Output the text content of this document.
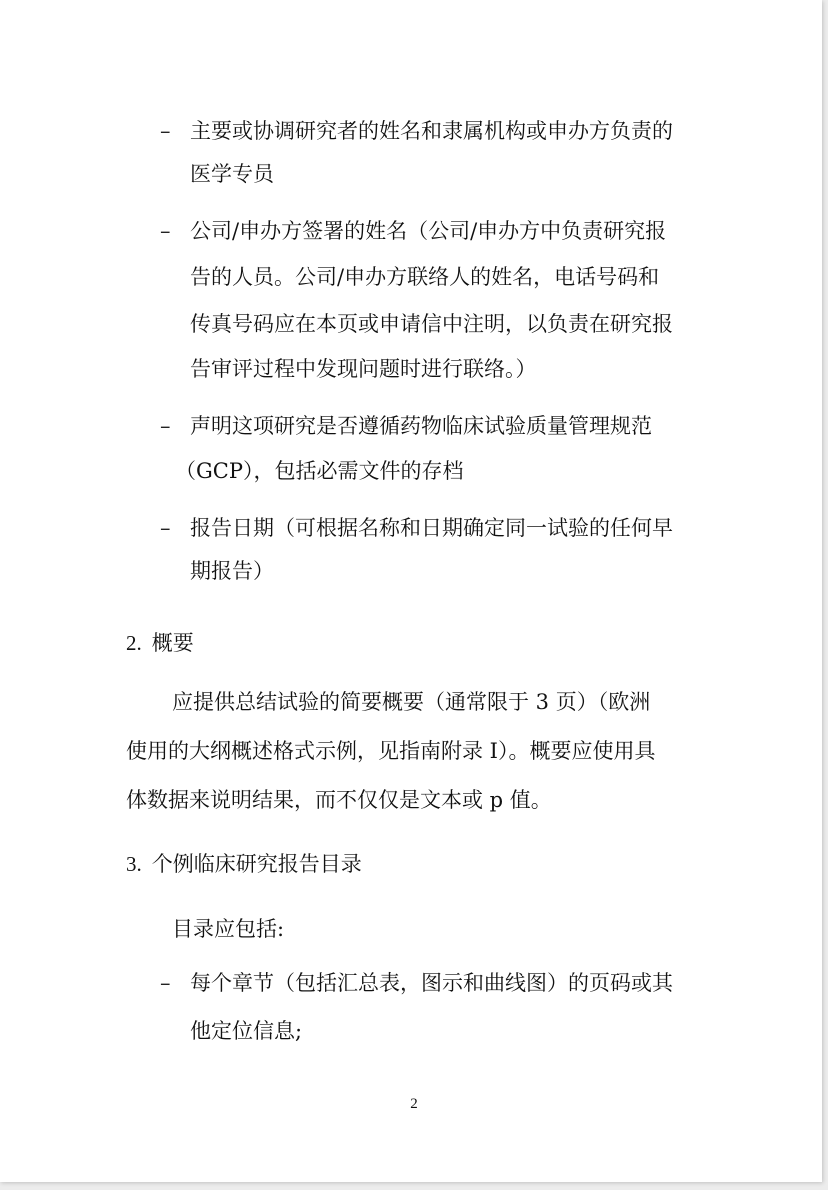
– 主要或协调研究者的姓名和隶属机构或申办方负责的
医学专员
– 公司/申办方签署的姓名（公司/申办方中负责研究报
告的人员。公司/申办方联络人的姓名，电话号码和
传真号码应在本页或申请信中注明，以负责在研究报
告审评过程中发现问题时进行联络。）
– 声明这项研究是否遵循药物临床试验质量管理规范
（GCP），包括必需文件的存档
– 报告日期（可根据名称和日期确定同一试验的任何早
期报告）
2. 概要
应提供总结试验的简要概要（通常限于 3 页）（欧洲
使用的大纲概述格式示例，见指南附录 I）。概要应使用具
体数据来说明结果，而不仅仅是文本或 p 值。
3. 个例临床研究报告目录
目录应包括:
– 每个章节（包括汇总表，图示和曲线图）的页码或其
他定位信息;
2
